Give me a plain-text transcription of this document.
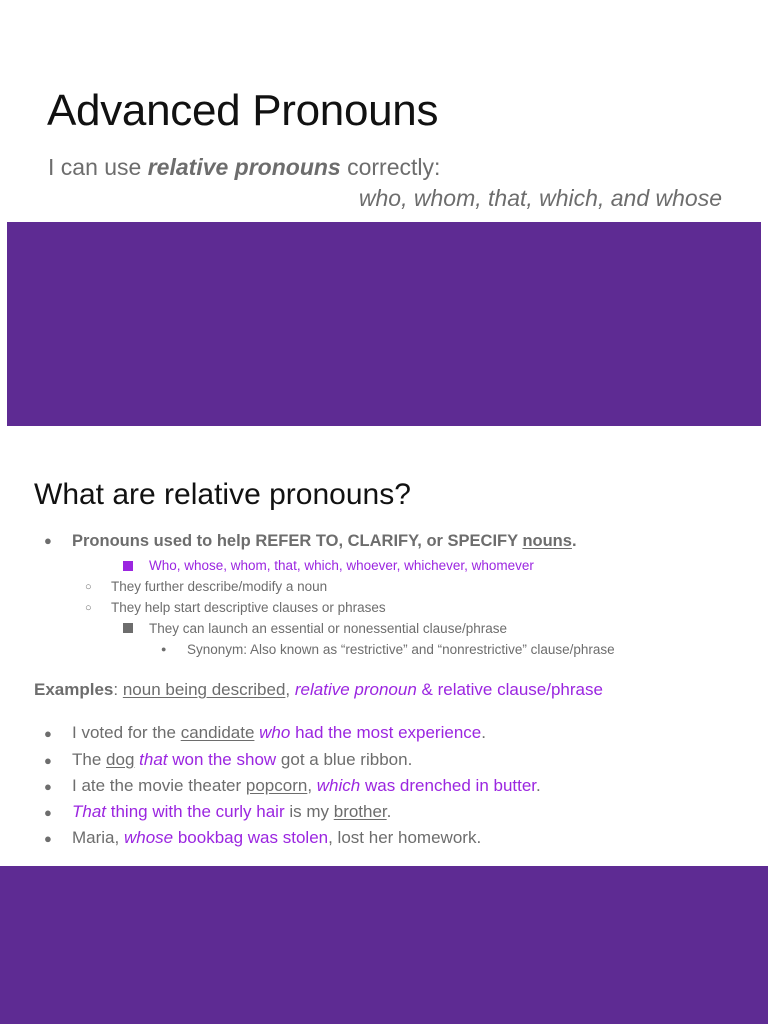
Advanced Pronouns

I can use relative pronouns correctly:

who, whom, that, which, and whose

What are relative pronouns?
● Pronouns used to help REFER TO, CLARIFY, or SPECIFY nouns.
Who, whose, whom, that, which, whoever, whichever, whomever
○ They further describe/modify a noun
○ They help start descriptive clauses or phrases
They can launch an essential or nonessential clause/phrase
● Synonym: Also known as “restrictive” and “nonrestrictive” clause/phrase
Examples: noun being described, relative pronoun & relative clause/phrase
● I voted for the candidate who had the most experience.
● The dog that won the show got a blue ribbon.
● I ate the movie theater popcorn, which was drenched in butter.
● That thing with the curly hair is my brother.
● Maria, whose bookbag was stolen, lost her homework.
